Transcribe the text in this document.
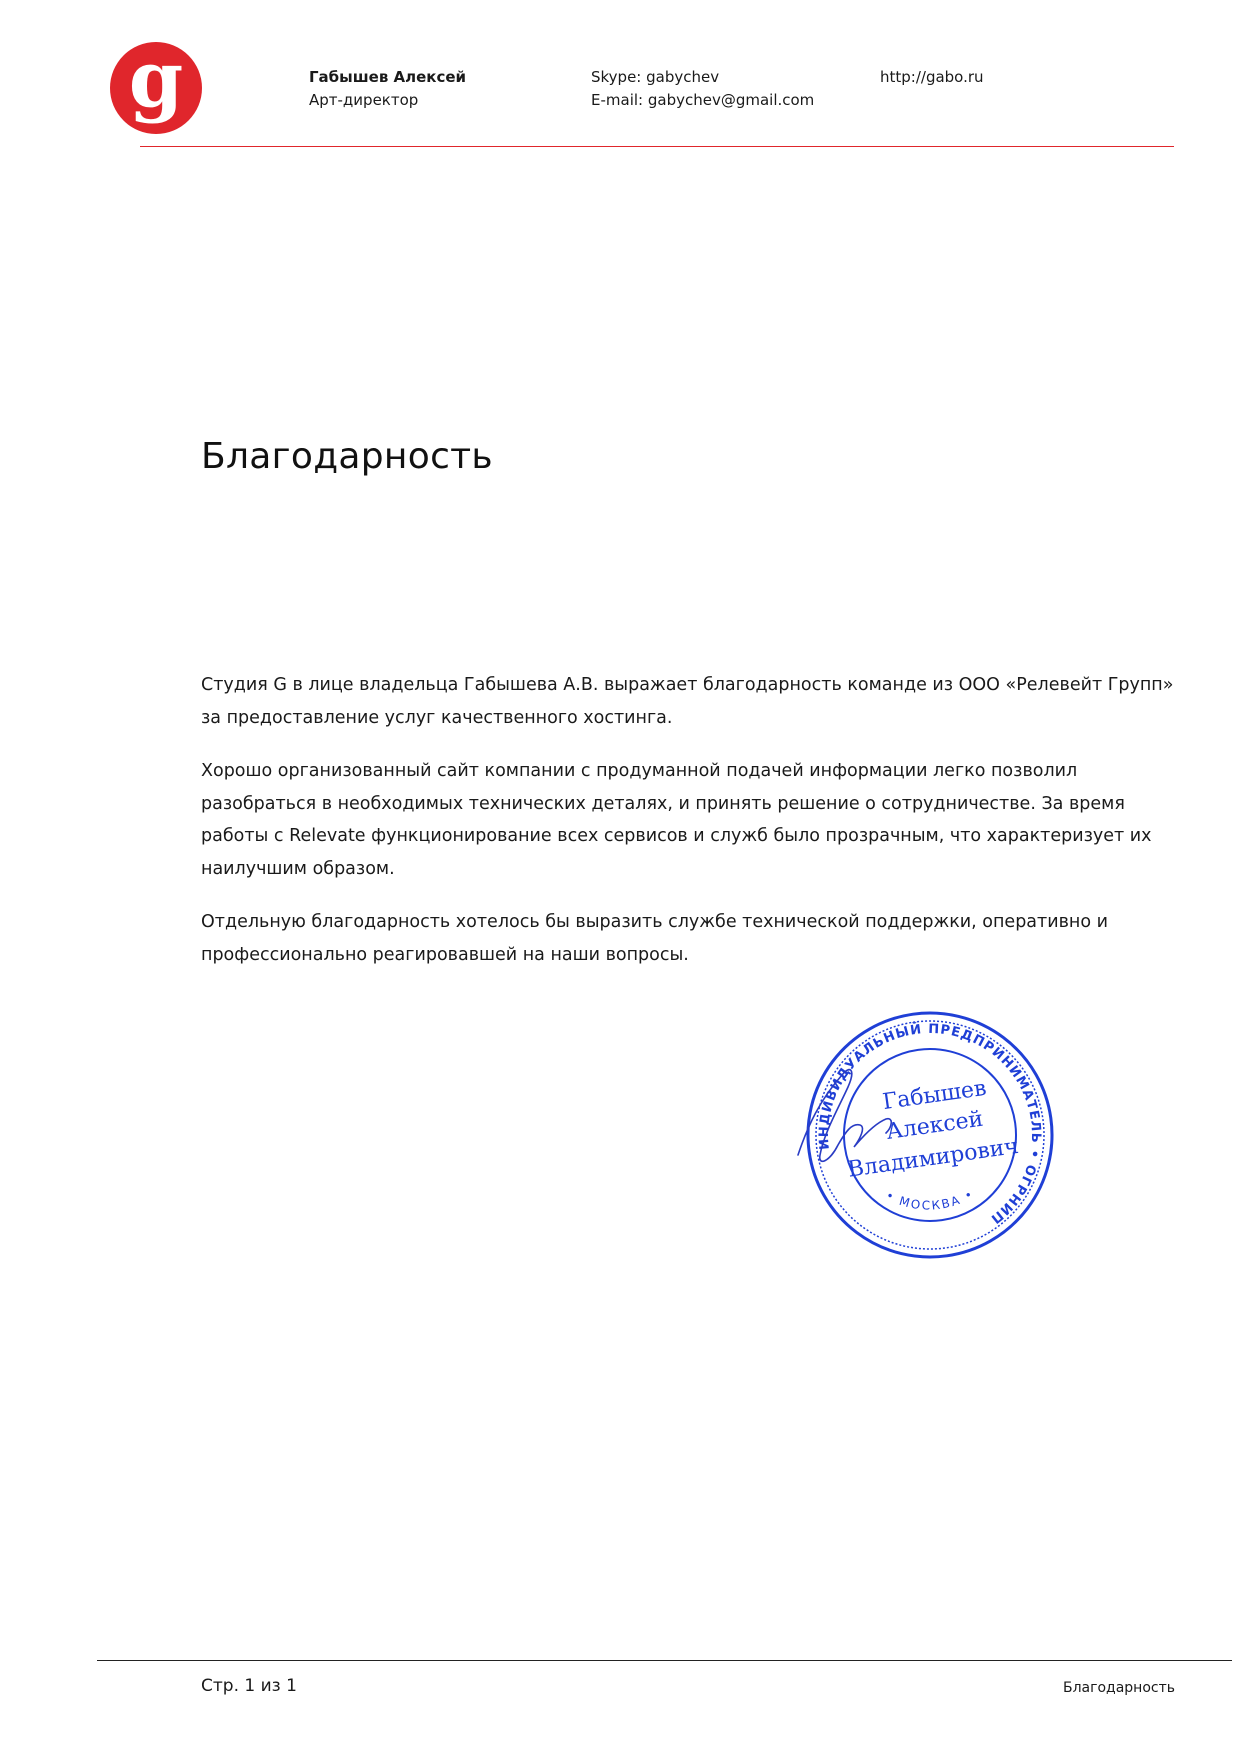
g	Габышев Алексей
Арт-директор
Skype: gabychev
E-mail: gabychev@gmail.com
http://gabo.ru
Благодарность

Студия G в лице владельца Габышева А.В. выражает благодарность команде из ООО «Релевейт Групп» за предоставление услуг качественного хостинга.

Хорошо организованный сайт компании с продуманной подачей информации легко позволил разобраться в необходимых технических деталях, и принять решение о сотрудничестве. За время работы с Relevate функционирование всех сервисов и служб было прозрачным, что характеризует их наилучшим образом.

Отдельную благодарность хотелось бы выразить службе технической поддержки, оперативно и профессионально реагировавшей на наши вопросы.

ИНДИВИДУАЛЬНЫЙ ПРЕДПРИНИМАТЕЛЬ • ОГРНИП
• МОСКВА •
Габышев
Алексей
Владимирович
Стр. 1 из 1	Благодарность
